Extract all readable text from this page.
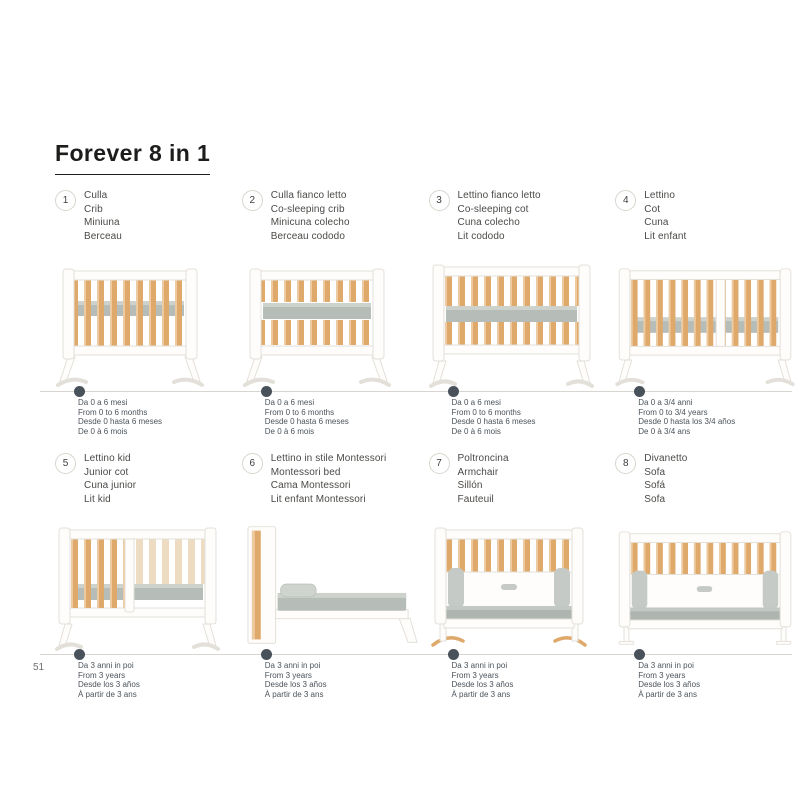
Forever 8 in 1
1 Culla
Crib
Miniuna
Berceau
Da 0 a 6 mesi
From 0 to 6 months
Desde 0 hasta 6 meses
De 0 à 6 mois
2 Culla fianco letto
Co-sleeping crib
Minicuna colecho
Berceau cododo
Da 0 a 6 mesi
From 0 to 6 months
Desde 0 hasta 6 meses
De 0 à 6 mois
3 Lettino fianco letto
Co-sleeping cot
Cuna colecho
Lit cododo
Da 0 a 6 mesi
From 0 to 6 months
Desde 0 hasta 6 meses
De 0 à 6 mois
4 Lettino
Cot
Cuna
Lit enfant
Da 0 a 3/4 anni
From 0 to 3/4 years
Desde 0 hasta los 3/4 años
De 0 à 3/4 ans
5 Lettino kid
Junior cot
Cuna junior
Lit kid
Da 3 anni in poi
From 3 years
Desde los 3 años
À partir de 3 ans
6 Lettino in stile Montessori
Montessori bed
Cama Montessori
Lit enfant Montessori
Da 3 anni in poi
From 3 years
Desde los 3 años
À partir de 3 ans
7 Poltroncina
Armchair
Sillón
Fauteuil
Da 3 anni in poi
From 3 years
Desde los 3 años
À partir de 3 ans
8 Divanetto
Sofa
Sofá
Sofa
Da 3 anni in poi
From 3 years
Desde los 3 años
À partir de 3 ans
51
